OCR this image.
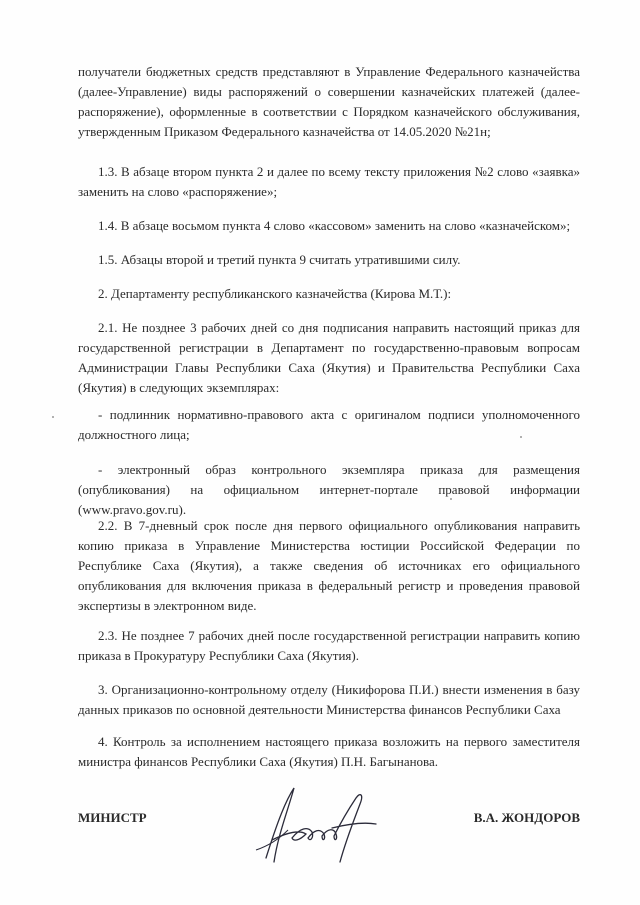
получатели бюджетных средств представляют в Управление Федерального казначейства (далее-Управление) виды распоряжений о совершении казначейских платежей (далее-распоряжение), оформленные в соответствии с Порядком казначейского обслуживания, утвержденным Приказом Федерального казначейства от 14.05.2020 №21н;

1.3. В абзаце втором пункта 2 и далее по всему тексту приложения №2 слово «заявка» заменить на слово «распоряжение»;

1.4. В абзаце восьмом пункта 4 слово «кассовом» заменить на слово «казначейском»;

1.5. Абзацы второй и третий пункта 9 считать утратившими силу.

2. Департаменту республиканского казначейства (Кирова М.Т.):

2.1. Не позднее 3 рабочих дней со дня подписания направить настоящий приказ для государственной регистрации в Департамент по государственно-правовым вопросам Администрации Главы Республики Саха (Якутия) и Правительства Республики Саха (Якутия) в следующих экземплярах:

- подлинник нормативно-правового акта с оригиналом подписи уполномоченного должностного лица;

- электронный образ контрольного экземпляра приказа для размещения (опубликования) на официальном интернет-портале правовой информации (www.pravo.gov.ru).

2.2. В 7-дневный срок после дня первого официального опубликования направить копию приказа в Управление Министерства юстиции Российской Федерации по Республике Саха (Якутия), а также сведения об источниках его официального опубликования для включения приказа в федеральный регистр и проведения правовой экспертизы в электронном виде.

2.3. Не позднее 7 рабочих дней после государственной регистрации направить копию приказа в Прокуратуру Республики Саха (Якутия).

3. Организационно-контрольному отделу (Никифорова П.И.) внести изменения в базу данных приказов по основной деятельности Министерства финансов Республики Саха

4. Контроль за исполнением настоящего приказа возложить на первого заместителя министра финансов Республики Саха (Якутия) П.Н. Багынанова.

МИНИСТР	В.А. ЖОНДОРОВ
